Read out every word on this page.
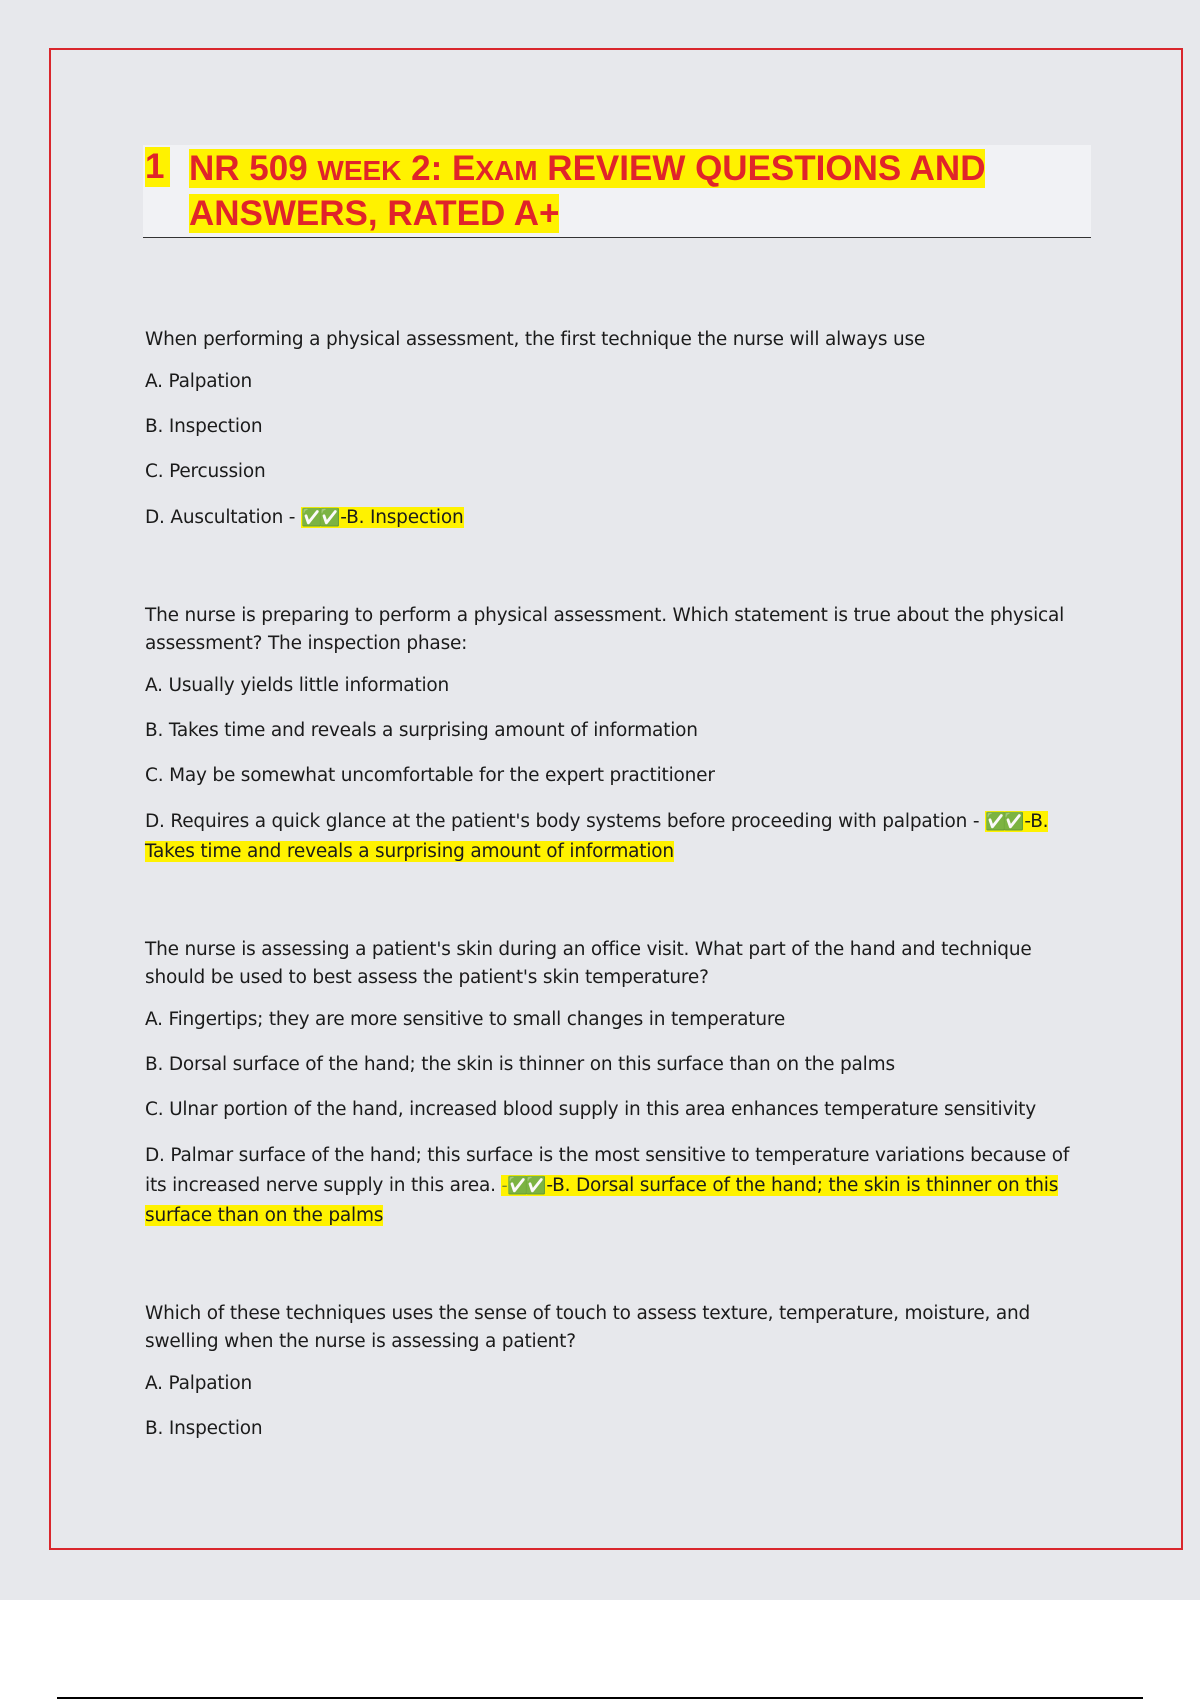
1 NR 509 WEEK 2: EXAM REVIEW QUESTIONS AND
ANSWERS, RATED A+
When performing a physical assessment, the first technique the nurse will always use
A. Palpation
B. Inspection
C. Percussion
D. Auscultation - ✅✅ -B. Inspection
The nurse is preparing to perform a physical assessment. Which statement is true about the physical assessment? The inspection phase:
A. Usually yields little information
B. Takes time and reveals a surprising amount of information
C. May be somewhat uncomfortable for the expert practitioner
D. Requires a quick glance at the patient's body systems before proceeding with palpation - ✅✅ -B. Takes time and reveals a surprising amount of information
The nurse is assessing a patient's skin during an office visit. What part of the hand and technique should be used to best assess the patient's skin temperature?
A. Fingertips; they are more sensitive to small changes in temperature
B. Dorsal surface of the hand; the skin is thinner on this surface than on the palms
C. Ulnar portion of the hand, increased blood supply in this area enhances temperature sensitivity
D. Palmar surface of the hand; this surface is the most sensitive to temperature variations because of its increased nerve supply in this area. - ✅✅ -B. Dorsal surface of the hand; the skin is thinner on this surface than on the palms
Which of these techniques uses the sense of touch to assess texture, temperature, moisture, and swelling when the nurse is assessing a patient?
A. Palpation
B. Inspection
